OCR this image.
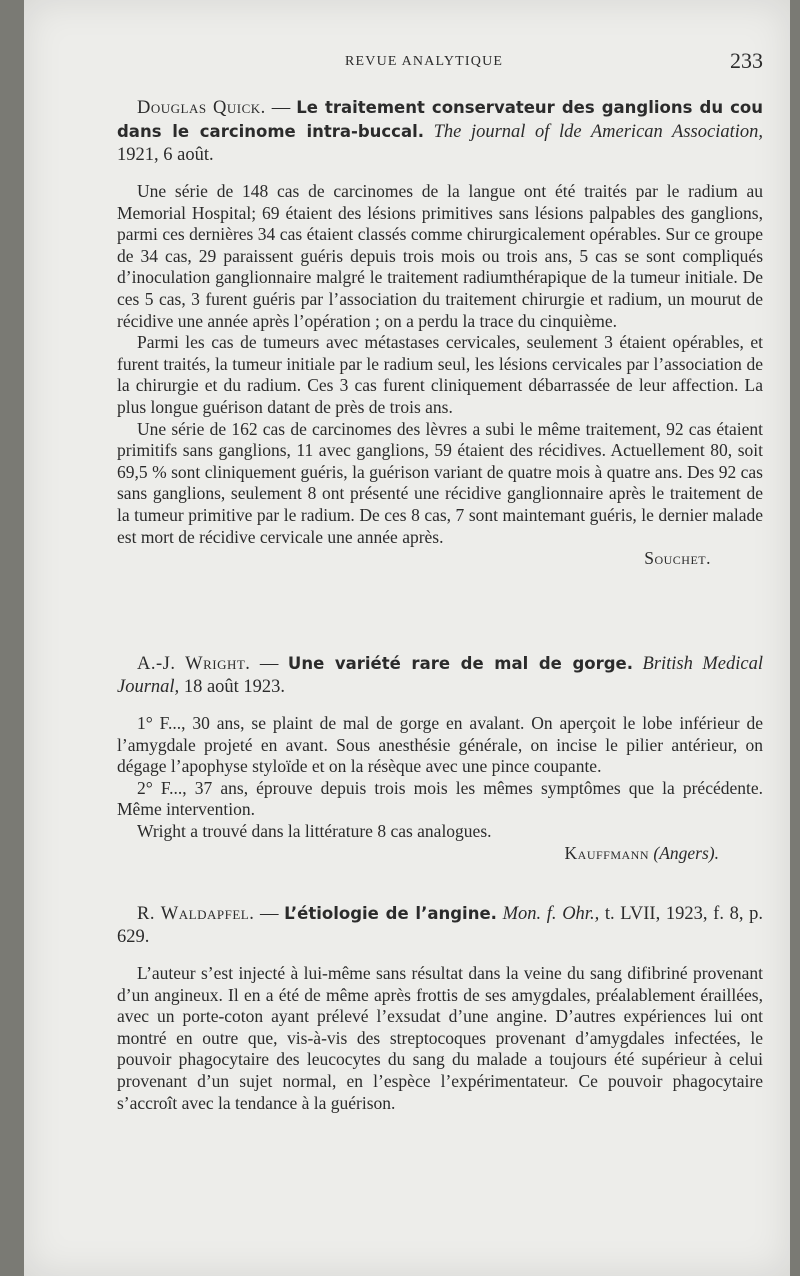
REVUE ANALYTIQUE	233
Douglas Quick. — Le traitement conservateur des ganglions du cou dans le carcinome intra-buccal. The journal of lde American Association, 1921, 6 août.

Une série de 148 cas de carcinomes de la langue ont été traités par le radium au Memorial Hospital; 69 étaient des lésions primitives sans lésions palpables des ganglions, parmi ces dernières 34 cas étaient classés comme chirurgicalement opérables. Sur ce groupe de 34 cas, 29 paraissent guéris depuis trois mois ou trois ans, 5 cas se sont compliqués d’inoculation ganglionnaire malgré le traitement radiumthérapique de la tumeur initiale. De ces 5 cas, 3 furent guéris par l’association du traitement chirurgie et radium, un mourut de récidive une année après l’opération ; on a perdu la trace du cinquième.

Parmi les cas de tumeurs avec métastases cervicales, seulement 3 étaient opérables, et furent traités, la tumeur initiale par le radium seul, les lésions cervicales par l’association de la chirurgie et du radium. Ces 3 cas furent cliniquement débarrassée de leur affection. La plus longue guérison datant de près de trois ans.

Une série de 162 cas de carcinomes des lèvres a subi le même traitement, 92 cas étaient primitifs sans ganglions, 11 avec ganglions, 59 étaient des récidives. Actuellement 80, soit 69,5 % sont cliniquement guéris, la guérison variant de quatre mois à quatre ans. Des 92 cas sans ganglions, seulement 8 ont présenté une récidive ganglionnaire après le traitement de la tumeur primitive par le radium. De ces 8 cas, 7 sont maintemant guéris, le dernier malade est mort de récidive cervicale une année après.

Souchet.
A.-J. Wright. — Une variété rare de mal de gorge. British Medical Journal, 18 août 1923.

1° F..., 30 ans, se plaint de mal de gorge en avalant. On aperçoit le lobe inférieur de l’amygdale projeté en avant. Sous anesthésie générale, on incise le pilier antérieur, on dégage l’apophyse styloïde et on la résèque avec une pince coupante.

2° F..., 37 ans, éprouve depuis trois mois les mêmes symptômes que la précédente. Même intervention.

Wright a trouvé dans la littérature 8 cas analogues.

Kauffmann (Angers).
R. Waldapfel. — L’étiologie de l’angine. Mon. f. Ohr., t. LVII, 1923, f. 8, p. 629.

L’auteur s’est injecté à lui-même sans résultat dans la veine du sang difibriné provenant d’un angineux. Il en a été de même après frottis de ses amygdales, préalablement éraillées, avec un porte-coton ayant prélevé l’exsudat d’une angine. D’autres expériences lui ont montré en outre que, vis-à-vis des streptocoques provenant d’amygdales infectées, le pouvoir phagocytaire des leucocytes du sang du malade a toujours été supérieur à celui provenant d’un sujet normal, en l’espèce l’expérimentateur. Ce pouvoir phagocytaire s’accroît avec la tendance à la guérison.
